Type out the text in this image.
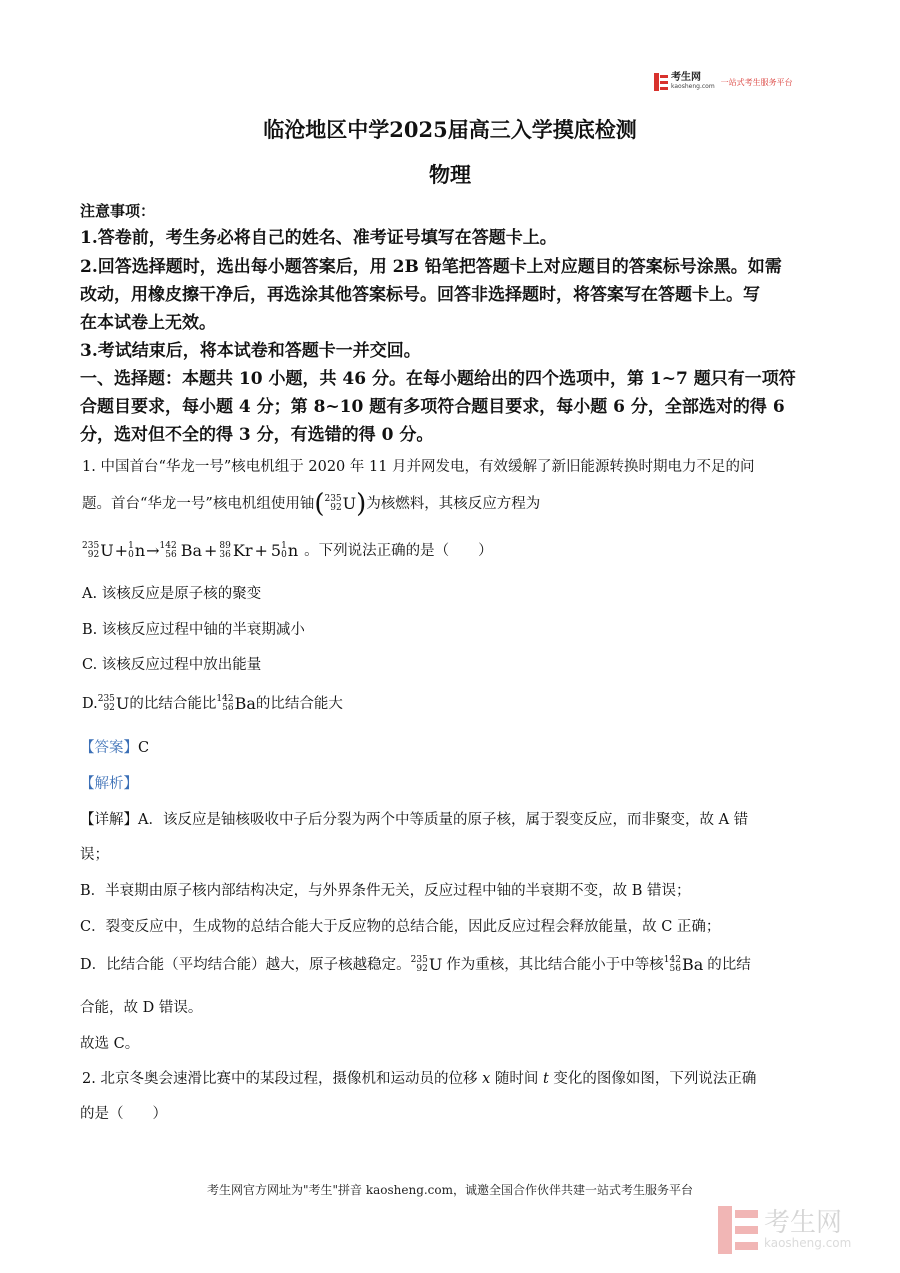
考生网
kaosheng.com 一站式考生服务平台
临沧地区中学2025届高三入学摸底检测
物理
注意事项：
1.答卷前，考生务必将自己的姓名、准考证号填写在答题卡上。
2.回答选择题时，选出每小题答案后，用 2B 铅笔把答题卡上对应题目的答案标号涂黑。如需
改动，用橡皮擦干净后，再选涂其他答案标号。回答非选择题时，将答案写在答题卡上。写
在本试卷上无效。
3.考试结束后，将本试卷和答题卡一并交回。
一、选择题：本题共 10 小题，共 46 分。在每小题给出的四个选项中，第 1~7 题只有一项符
合题目要求，每小题 4 分；第 8~10 题有多项符合题目要求，每小题 6 分，全部选对的得 6
分，选对但不全的得 3 分，有选错的得 0 分。
1. 中国首台“华龙一号”核电机组于 2020 年 11 月并网发电，有效缓解了新旧能源转换时期电力不足的问
题。首台“华龙一号”核电机组使用铀 ( 235
92 U ) 为核燃料，其核反应方程为
235
92 U + 1
0 n → 142
56 Ba + 89
36 Kr + 5 1
0 n 。下列说法正确的是（　　）
A. 该核反应是原子核的聚变
B. 该核反应过程中铀的半衰期减小
C. 该核反应过程中放出能量
D. 235
92 U 的比结合能比 142
56 Ba 的比结合能大
【答案】C
【解析】
【详解】A．该反应是铀核吸收中子后分裂为两个中等质量的原子核，属于裂变反应，而非聚变，故 A 错
误；
B．半衰期由原子核内部结构决定，与外界条件无关，反应过程中铀的半衰期不变，故 B 错误；
C．裂变反应中，生成物的总结合能大于反应物的总结合能，因此反应过程会释放能量，故 C 正确；
D．比结合能（平均结合能）越大，原子核越稳定。 235
92 U 作为重核，其比结合能小于中等核 142
56 Ba 的比结
合能，故 D 错误。
故选 C。
2. 北京冬奥会速滑比赛中的某段过程，摄像机和运动员的位移 x 随时间 t 变化的图像如图，下列说法正确
的是（　　）
考生网官方网址为"考生"拼音 kaosheng.com，诚邀全国合作伙伴共建一站式考生服务平台
考生网
kaosheng.com
